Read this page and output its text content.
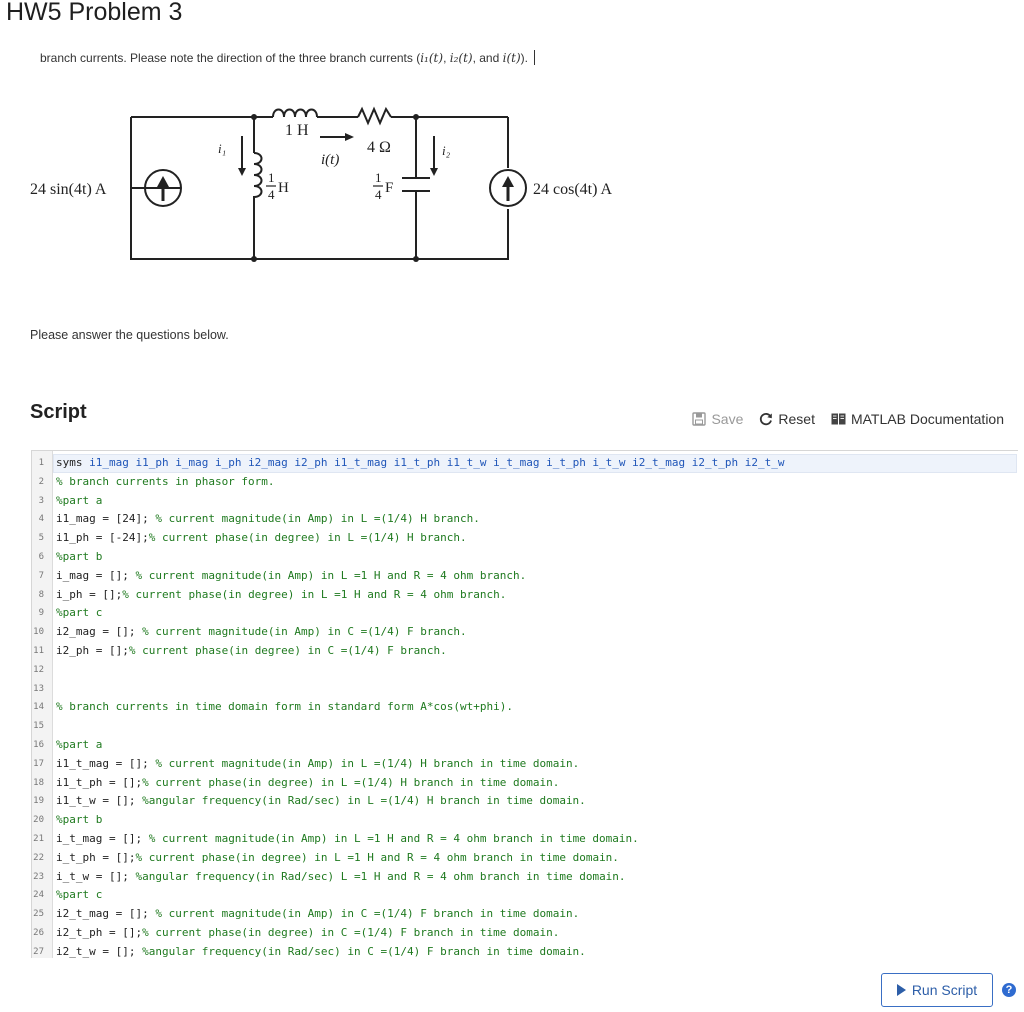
HW5 Problem 3
branch currents. Please note the direction of the three branch currents (i₁(t), i₂(t), and i(t)).
24 sin(4t) A	24 cos(4t) A
1 H
4 Ω
i(t)
i₁	i₂
1
4 H
1
4 F
Please answer the questions below.
Script	Save	Reset	MATLAB Documentation
1
2
3
4
5
6
7
8
9
10
11
12
13
14
15
16
17
18
19
20
21
22
23
24
25
26
27
syms i1_mag i1_ph i_mag i_ph i2_mag i2_ph i1_t_mag i1_t_ph i1_t_w i_t_mag i_t_ph i_t_w i2_t_mag i2_t_ph i2_t_w
% branch currents in phasor form.
%part a
i1_mag = [24]; % current magnitude(in Amp) in L =(1/4) H branch.
i1_ph = [-24];% current phase(in degree) in L =(1/4) H branch.
%part b
i_mag = []; % current magnitude(in Amp) in L =1 H and R = 4 ohm branch.
i_ph = [];% current phase(in degree) in L =1 H and R = 4 ohm branch.
%part c
i2_mag = []; % current magnitude(in Amp) in C =(1/4) F branch.
i2_ph = [];% current phase(in degree) in C =(1/4) F branch.
% branch currents in time domain form in standard form A*cos(wt+phi).
%part a
i1_t_mag = []; % current magnitude(in Amp) in L =(1/4) H branch in time domain.
i1_t_ph = [];% current phase(in degree) in L =(1/4) H branch in time domain.
i1_t_w = []; %angular frequency(in Rad/sec) in L =(1/4) H branch in time domain.
%part b
i_t_mag = []; % current magnitude(in Amp) in L =1 H and R = 4 ohm branch in time domain.
i_t_ph = [];% current phase(in degree) in L =1 H and R = 4 ohm branch in time domain.
i_t_w = []; %angular frequency(in Rad/sec) L =1 H and R = 4 ohm branch in time domain.
%part c
i2_t_mag = []; % current magnitude(in Amp) in C =(1/4) F branch in time domain.
i2_t_ph = [];% current phase(in degree) in C =(1/4) F branch in time domain.
i2_t_w = []; %angular frequency(in Rad/sec) in C =(1/4) F branch in time domain.
Run Script	?
